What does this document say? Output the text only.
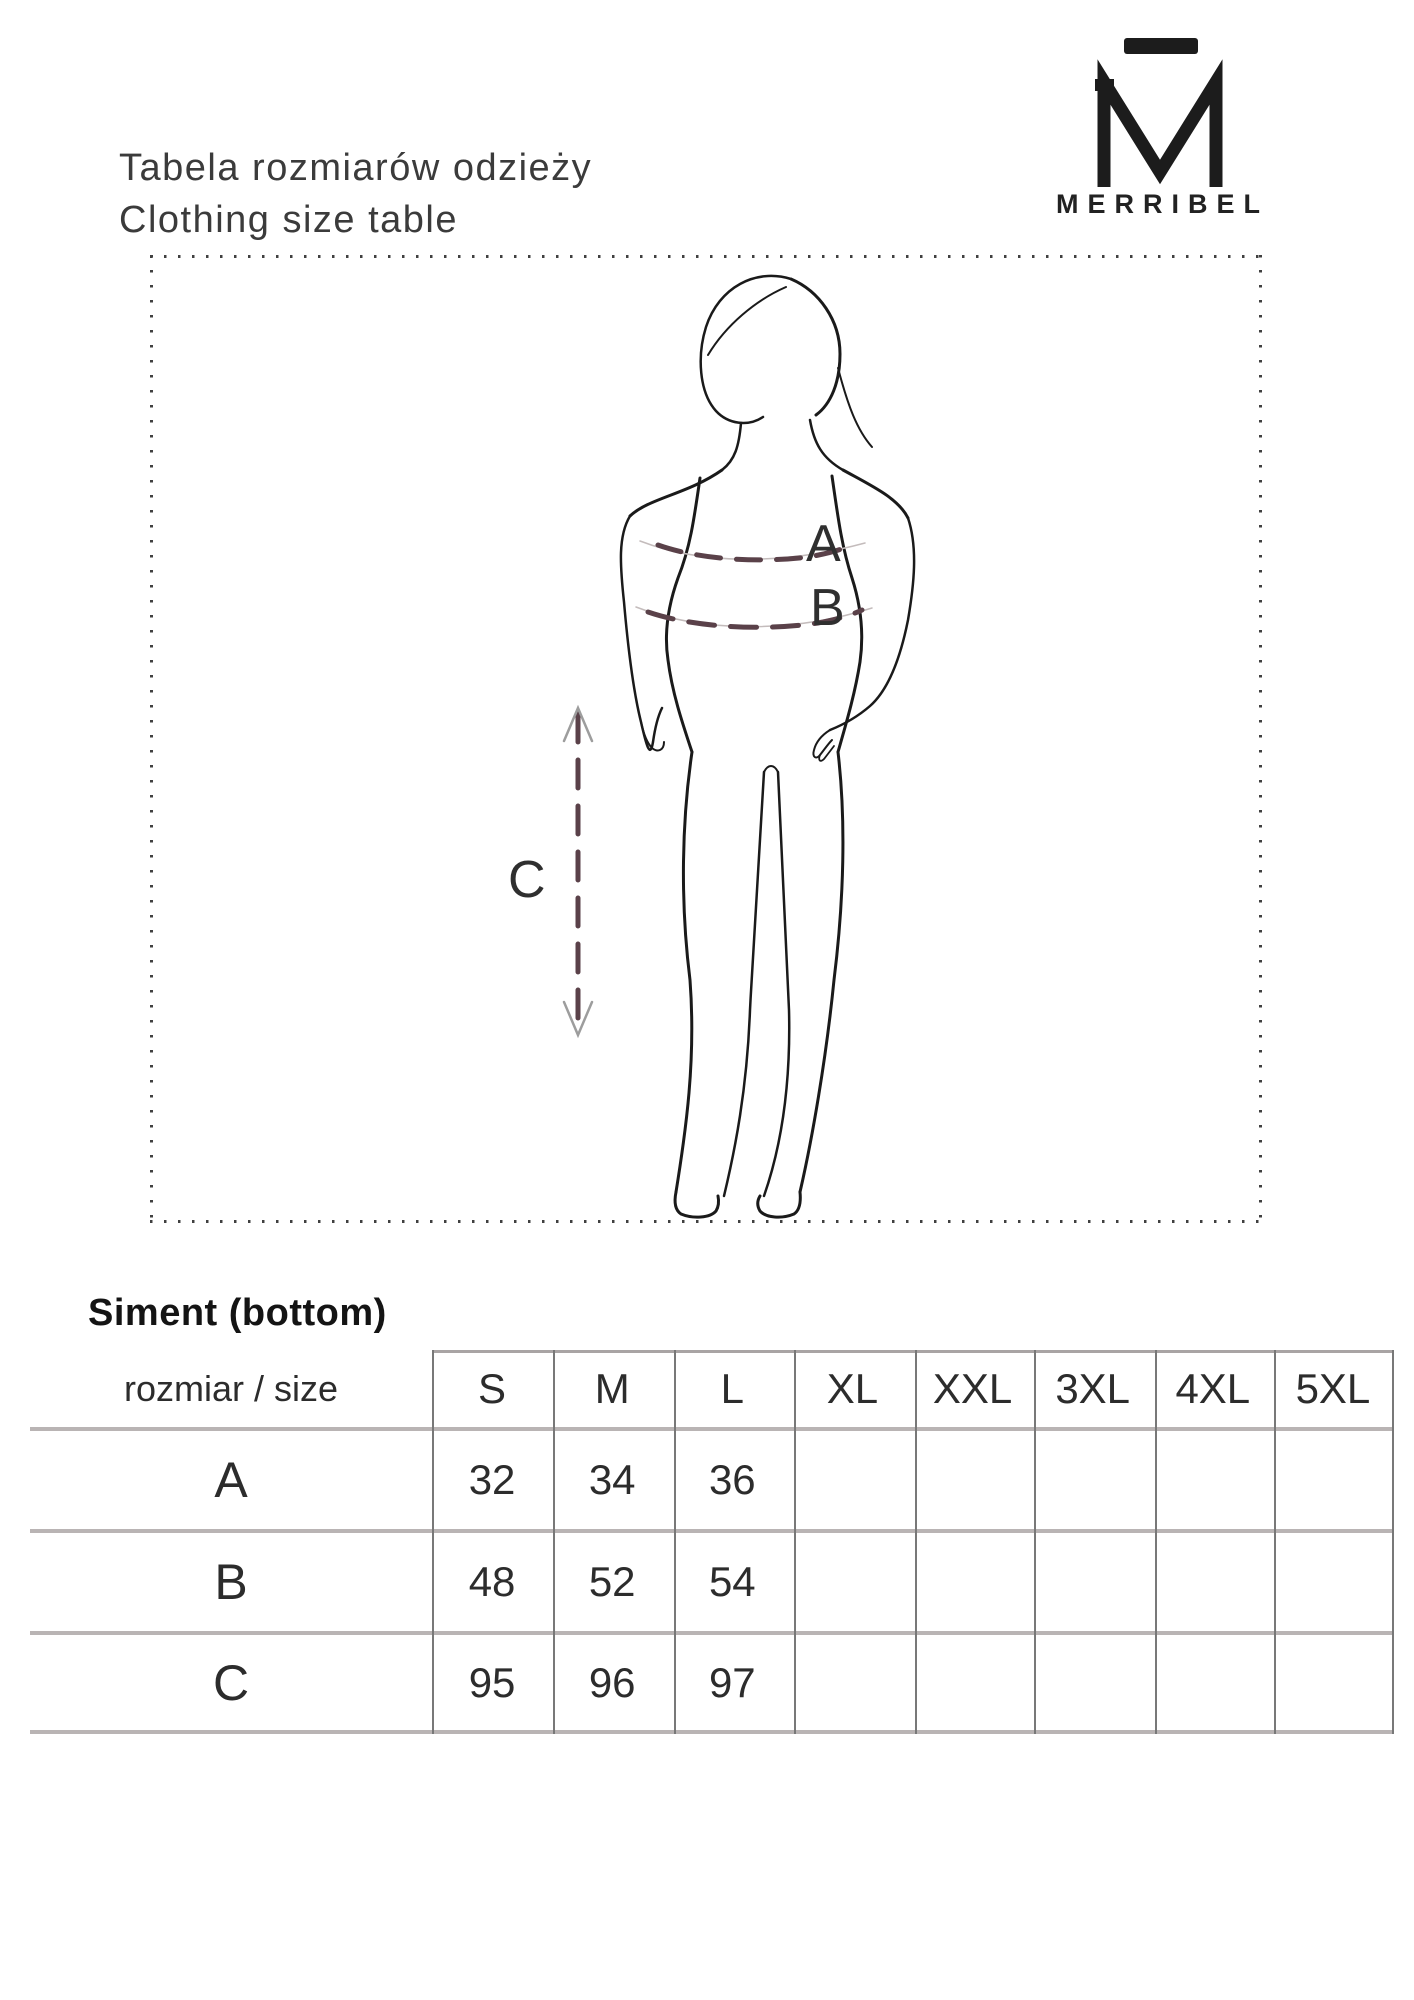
Tabela rozmiarów odzieży
Clothing size table	MERRIBEL
A
B
C
Siment (bottom)
rozmiar / size	S	M	L	XL	XXL	3XL	4XL	5XL
A	32	34	36
B	48	52	54
C	95	96	97
